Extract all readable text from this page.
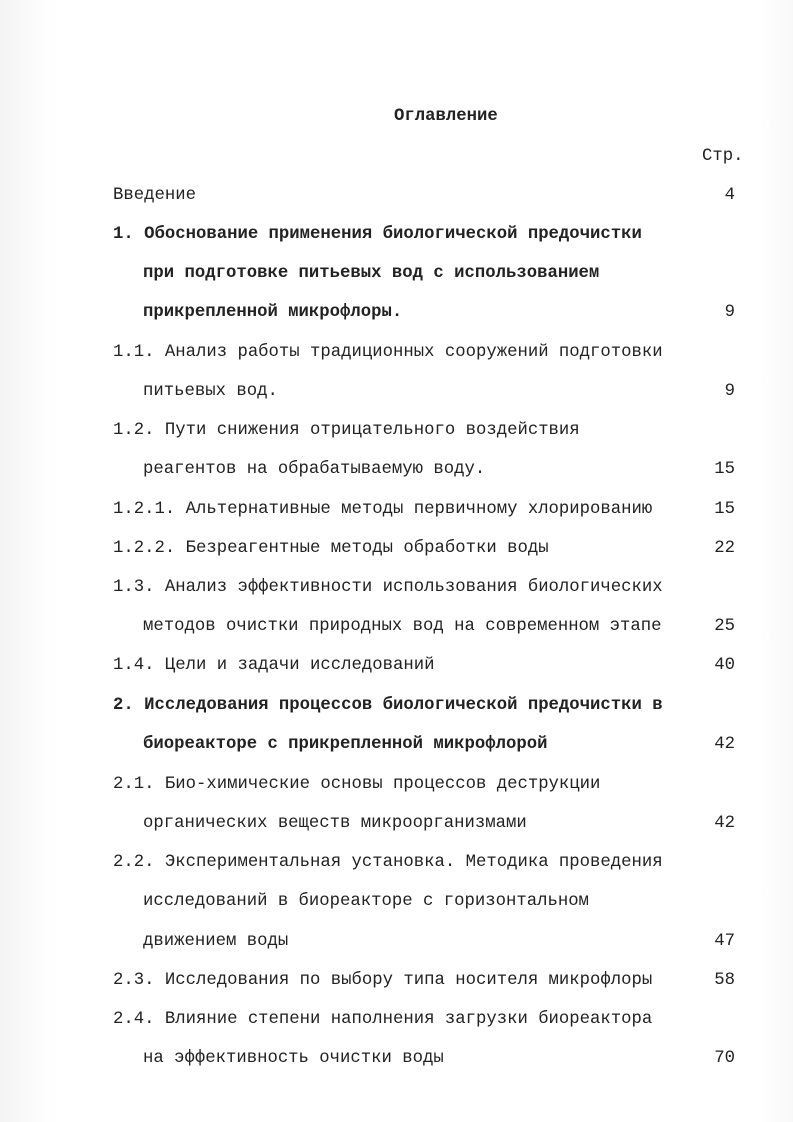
Оглавление
Стр.
Введение	4
1. Обоснование применения биологической предочистки
при подготовке питьевых вод с использованием
прикрепленной микрофлоры.	9
1.1. Анализ работы традиционных сооружений подготовки
питьевых вод.	9
1.2. Пути снижения отрицательного воздействия
реагентов на обрабатываемую воду.	15
1.2.1. Альтернативные методы первичному хлорированию	15
1.2.2. Безреагентные методы обработки воды	22
1.3. Анализ эффективности использования биологических
методов очистки природных вод на современном этапе	25
1.4. Цели и задачи исследований	40
2. Исследования процессов биологической предочистки в
биореакторе с прикрепленной микрофлорой	42
2.1. Био-химические основы процессов деструкции
органических веществ микроорганизмами	42
2.2. Экспериментальная установка. Методика проведения
исследований в биореакторе с горизонтальном
движением воды	47
2.3. Исследования по выбору типа носителя микрофлоры	58
2.4. Влияние степени наполнения загрузки биореактора
на эффективность очистки воды	70
